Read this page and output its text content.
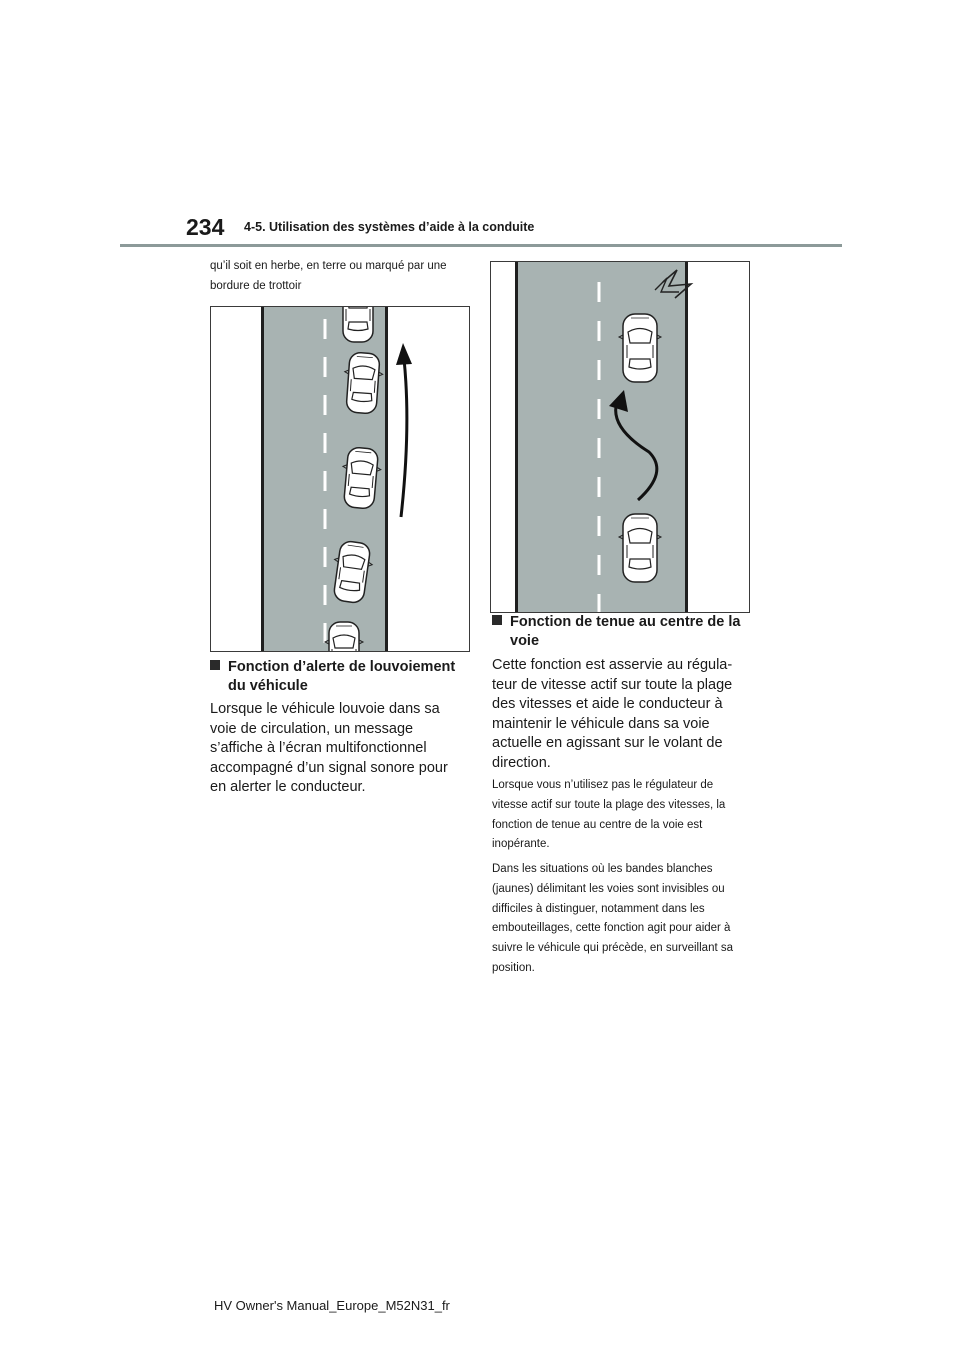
234 4-5. Utilisation des systèmes d’aide à la conduite
qu’il soit en herbe, en terre ou marqué par une bordure de trottoir
Fonction d’alerte de louvoiement
du véhicule
Lorsque le véhicule louvoie dans sa voie de circulation, un message s’affiche à l’écran multifonctionnel accompagné d’un signal sonore pour en alerter le conducteur.
Fonction de tenue au centre de la
voie
Cette fonction est asservie au régula-teur de vitesse actif sur toute la plage des vitesses et aide le conducteur à maintenir le véhicule dans sa voie actuelle en agissant sur le volant de direction.
Lorsque vous n’utilisez pas le régulateur de vitesse actif sur toute la plage des vitesses, la fonction de tenue au centre de la voie est inopérante.
Dans les situations où les bandes blanches (jaunes) délimitant les voies sont invisibles ou difficiles à distinguer, notamment dans les embouteillages, cette fonction agit pour aider à suivre le véhicule qui précède, en surveillant sa position.
HV Owner's Manual_Europe_M52N31_fr
